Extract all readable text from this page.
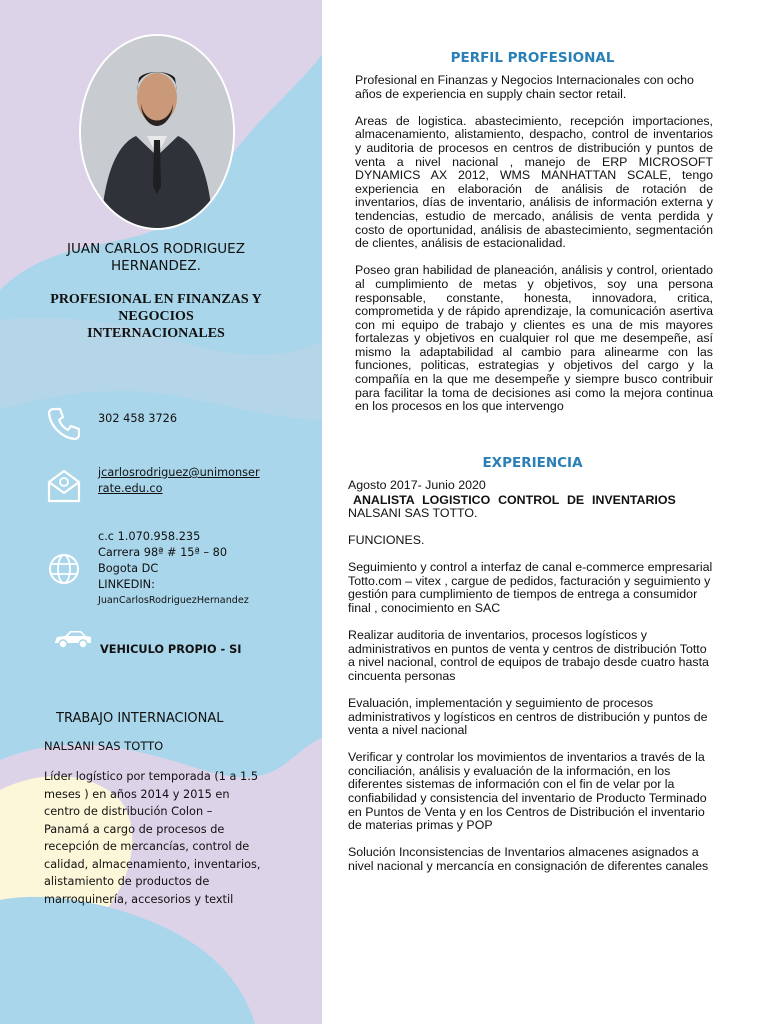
JUAN CARLOS RODRIGUEZ
HERNANDEZ.
PROFESIONAL EN FINANZAS Y
NEGOCIOS
INTERNACIONALES
302 458 3726
jcarlosrodriguez@unimonser
rate.edu.co
c.c 1.070.958.235
Carrera 98ª # 15ª – 80
Bogota DC
LINKEDIN:
JuanCarlosRodriguezHernandez
VEHICULO PROPIO - SI
TRABAJO INTERNACIONAL
NALSANI SAS TOTTO
Líder logístico por temporada (1 a 1.5
meses ) en años 2014 y 2015 en
centro de distribución Colon –
Panamá a cargo de procesos de
recepción de mercancías, control de
calidad, almacenamiento, inventarios,
alistamiento de productos de
marroquinería, accesorios y textil
PERFIL PROFESIONAL

Profesional en Finanzas y Negocios Internacionales con ocho años de experiencia en supply chain sector retail.

Areas de logistica. abastecimiento, recepción importaciones, almacenamiento, alistamiento, despacho, control de inventarios y auditoria de procesos en centros de distribución y puntos de venta a nivel nacional , manejo de ERP MICROSOFT DYNAMICS AX 2012, WMS MANHATTAN SCALE, tengo experiencia en elaboración de análisis de rotación de inventarios, días de inventario, análisis de información externa y tendencias, estudio de mercado, análisis de venta perdida y costo de oportunidad, análisis de abastecimiento, segmentación de clientes, análisis de estacionalidad.

Poseo gran habilidad de planeación, análisis y control, orientado al cumplimiento de metas y objetivos, soy una persona responsable, constante, honesta, innovadora, critica, comprometida y de rápido aprendizaje, la comunicación asertiva con mi equipo de trabajo y clientes es una de mis mayores fortalezas y objetivos en cualquier rol que me desempeñe, así mismo la adaptabilidad al cambio para alinearme con las funciones, politicas, estrategias y objetivos del cargo y la compañía en la que me desempeñe y siempre busco contribuir para facilitar la toma de decisiones asi como la mejora continua en los procesos en los que intervengo

EXPERIENCIA

Agosto 2017- Junio 2020

ANALISTA LOGISTICO CONTROL DE INVENTARIOS

NALSANI SAS TOTTO.

FUNCIONES.

Seguimiento y control a interfaz de canal e-commerce empresarial Totto.com – vitex , cargue de pedidos, facturación y seguimiento y gestión para cumplimiento de tiempos de entrega a consumidor final , conocimiento en SAC

Realizar auditoria de inventarios, procesos logísticos y administrativos en puntos de venta y centros de distribución Totto a nivel nacional, control de equipos de trabajo desde cuatro hasta cincuenta personas

Evaluación, implementación y seguimiento de procesos administrativos y logísticos en centros de distribución y puntos de venta a nivel nacional

Verificar y controlar los movimientos de inventarios a través de la conciliación, análisis y evaluación de la información, en los diferentes sistemas de información con el fin de velar por la confiabilidad y consistencia del inventario de Producto Terminado en Puntos de Venta y en los Centros de Distribución el inventario de materias primas y POP

Solución Inconsistencias de Inventarios almacenes asignados a nivel nacional y mercancía en consignación de diferentes canales
